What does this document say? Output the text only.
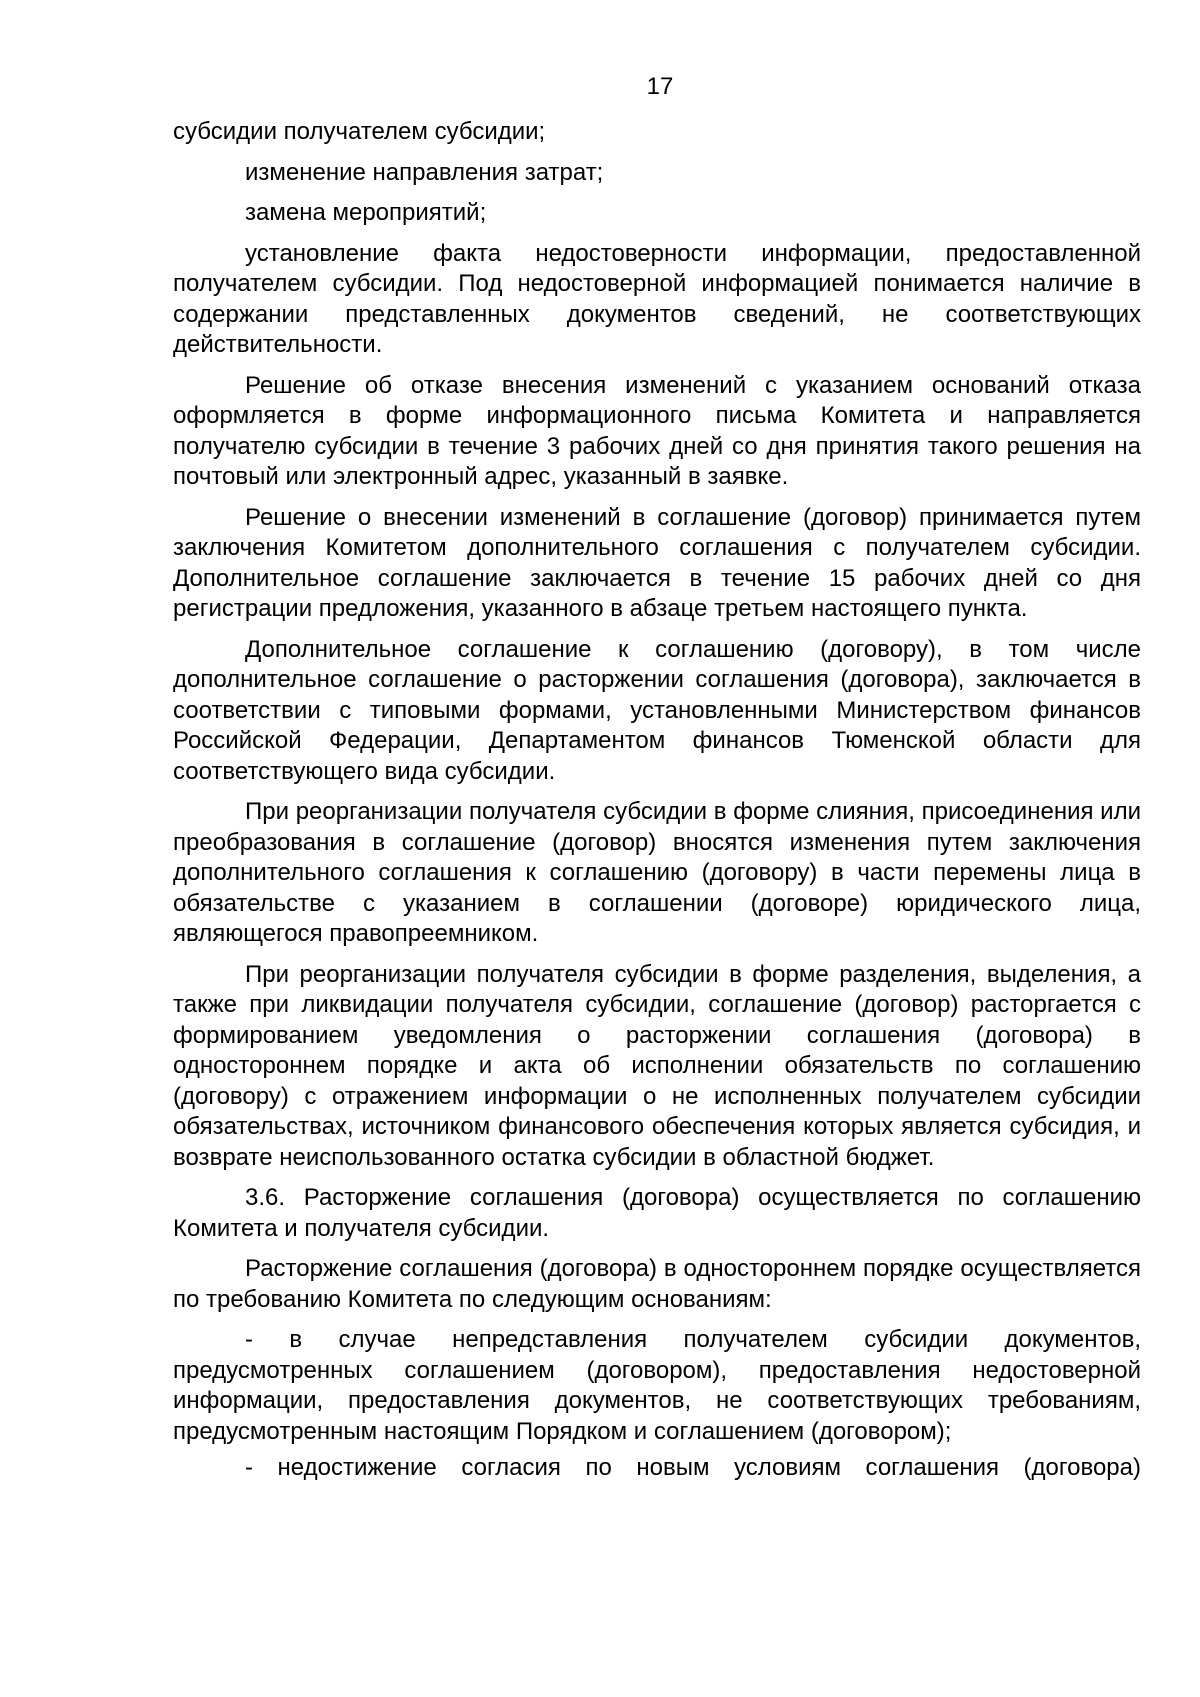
17

субсидии получателем субсидии;

изменение направления затрат;

замена мероприятий;

установление факта недостоверности информации, предоставленной получателем субсидии. Под недостоверной информацией понимается наличие в содержании представленных документов сведений, не соответствующих действительности.

Решение об отказе внесения изменений с указанием оснований отказа оформляется в форме информационного письма Комитета и направляется получателю субсидии в течение 3 рабочих дней со дня принятия такого решения на почтовый или электронный адрес, указанный в заявке.

Решение о внесении изменений в соглашение (договор) принимается путем заключения Комитетом дополнительного соглашения с получателем субсидии. Дополнительное соглашение заключается в течение 15 рабочих дней со дня регистрации предложения, указанного в абзаце третьем настоящего пункта.

Дополнительное соглашение к соглашению (договору), в том числе дополнительное соглашение о расторжении соглашения (договора), заключается в соответствии с типовыми формами, установленными Министерством финансов Российской Федерации, Департаментом финансов Тюменской области для соответствующего вида субсидии.

При реорганизации получателя субсидии в форме слияния, присоединения или преобразования в соглашение (договор) вносятся изменения путем заключения дополнительного соглашения к соглашению (договору) в части перемены лица в обязательстве с указанием в соглашении (договоре) юридического лица, являющегося правопреемником.

При реорганизации получателя субсидии в форме разделения, выделения, а также при ликвидации получателя субсидии, соглашение (договор) расторгается с формированием уведомления о расторжении соглашения (договора) в одностороннем порядке и акта об исполнении обязательств по соглашению (договору) с отражением информации о не исполненных получателем субсидии обязательствах, источником финансового обеспечения которых является субсидия, и возврате неиспользованного остатка субсидии в областной бюджет.

3.6. Расторжение соглашения (договора) осуществляется по соглашению Комитета и получателя субсидии.

Расторжение соглашения (договора) в одностороннем порядке осуществляется по требованию Комитета по следующим основаниям:

- в случае непредставления получателем субсидии документов, предусмотренных соглашением (договором), предоставления недостоверной информации, предоставления документов, не соответствующих требованиям, предусмотренным настоящим Порядком и соглашением (договором);

- недостижение согласия по новым условиям соглашения (договора)
